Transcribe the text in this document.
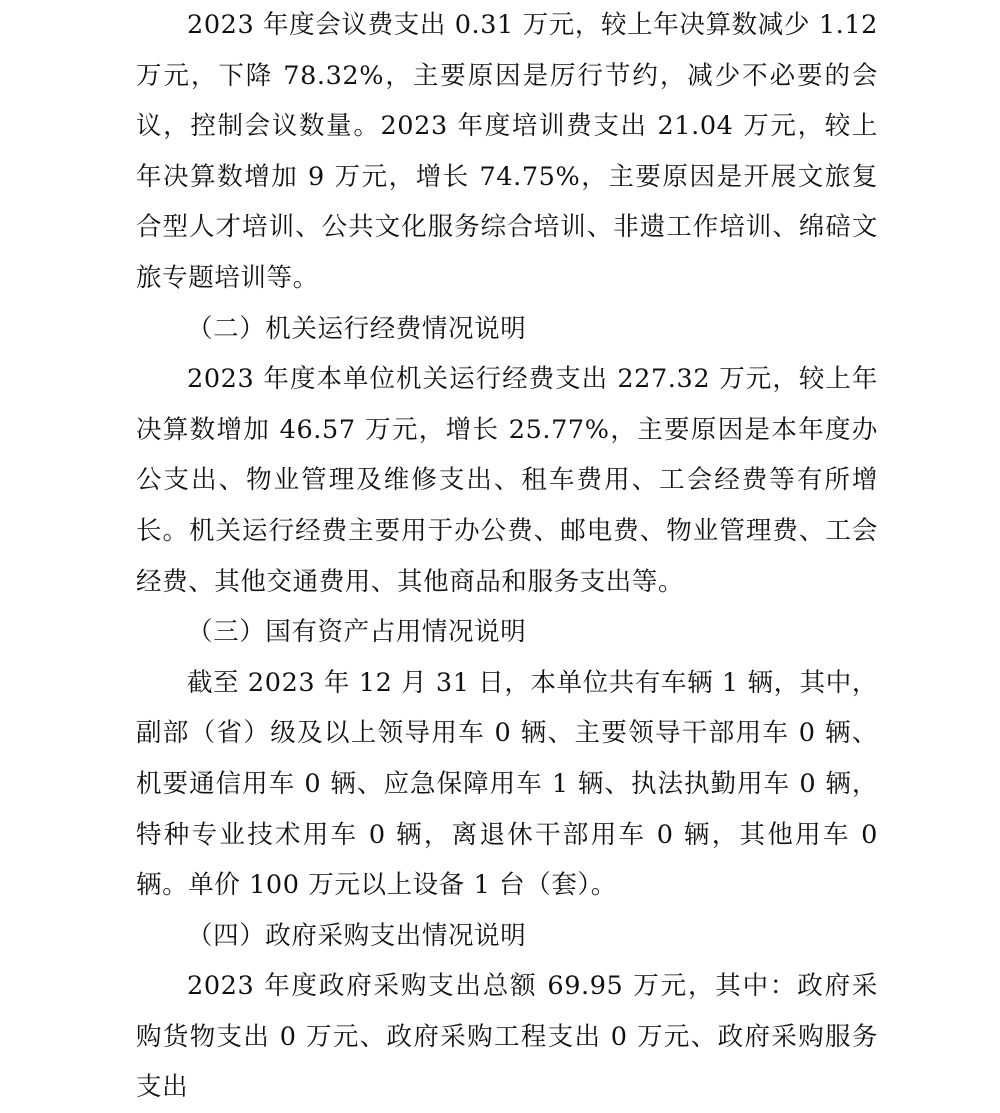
2023 年度会议费支出 0.31 万元，较上年决算数减少 1.12 万元，下降 78.32%，主要原因是厉行节约，减少不必要的会议，控制会议数量。2023 年度培训费支出 21.04 万元，较上年决算数增加 9 万元，增长 74.75%，主要原因是开展文旅复合型人才培训、公共文化服务综合培训、非遗工作培训、绵碚文旅专题培训等。

（二）机关运行经费情况说明

2023 年度本单位机关运行经费支出 227.32 万元，较上年决算数增加 46.57 万元，增长 25.77%，主要原因是本年度办公支出、物业管理及维修支出、租车费用、工会经费等有所增长。机关运行经费主要用于办公费、邮电费、物业管理费、工会经费、其他交通费用、其他商品和服务支出等。

（三）国有资产占用情况说明

截至 2023 年 12 月 31 日，本单位共有车辆 1 辆，其中，副部（省）级及以上领导用车 0 辆、主要领导干部用车 0 辆、机要通信用车 0 辆、应急保障用车 1 辆、执法执勤用车 0 辆，特种专业技术用车 0 辆，离退休干部用车 0 辆，其他用车 0 辆。单价 100 万元以上设备 1 台（套）。

（四）政府采购支出情况说明

2023 年度政府采购支出总额 69.95 万元，其中：政府采购货物支出 0 万元、政府采购工程支出 0 万元、政府采购服务支出
